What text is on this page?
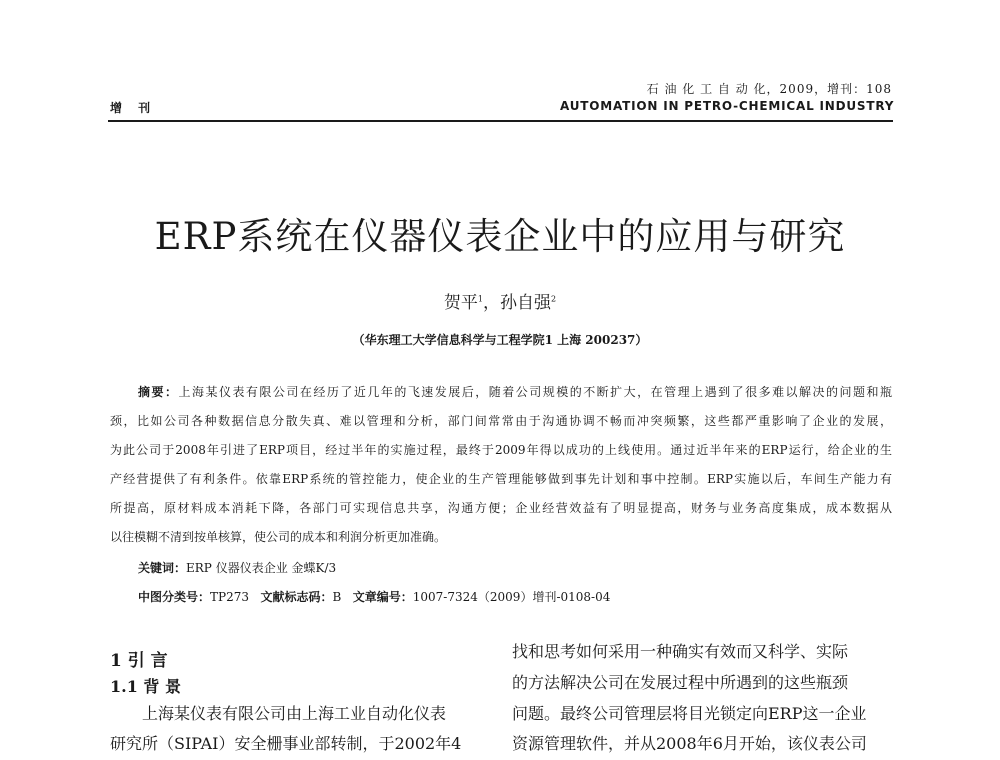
石 油 化 工 自 动 化，2009，增刊：108
增 刊	AUTOMATION IN PETRO-CHEMICAL INDUSTRY
ERP系统在仪器仪表企业中的应用与研究
贺平$^1$，孙自强$^2$
（华东理工大学信息科学与工程学院1 上海 200237）
摘要：上海某仪表有限公司在经历了近几年的飞速发展后，随着公司规模的不断扩大，在管理上遇到了很多难以解决的问题和瓶
颈，比如公司各种数据信息分散失真、难以管理和分析，部门间常常由于沟通协调不畅而冲突频繁，这些都严重影响了企业的发展，
为此公司于2008年引进了ERP项目，经过半年的实施过程，最终于2009年得以成功的上线使用。通过近半年来的ERP运行，给企业的生
产经营提供了有利条件。依靠ERP系统的管控能力，使企业的生产管理能够做到事先计划和事中控制。ERP实施以后，车间生产能力有
所提高，原材料成本消耗下降，各部门可实现信息共享，沟通方便；企业经营效益有了明显提高，财务与业务高度集成，成本数据从
以往模糊不清到按单核算，使公司的成本和利润分析更加准确。
关键词：ERP 仪器仪表企业 金蝶K/3
中图分类号：TP273 文献标志码：B 文章编号：1007-7324（2009）增刊-0108-04
1 引 言
1.1 背 景
上海某仪表有限公司由上海工业自动化仪表
研究所（SIPAI）安全栅事业部转制，于2002年4
找和思考如何采用一种确实有效而又科学、实际
的方法解决公司在发展过程中所遇到的这些瓶颈
问题。最终公司管理层将目光锁定向ERP这一企业
资源管理软件，并从2008年6月开始，该仪表公司
